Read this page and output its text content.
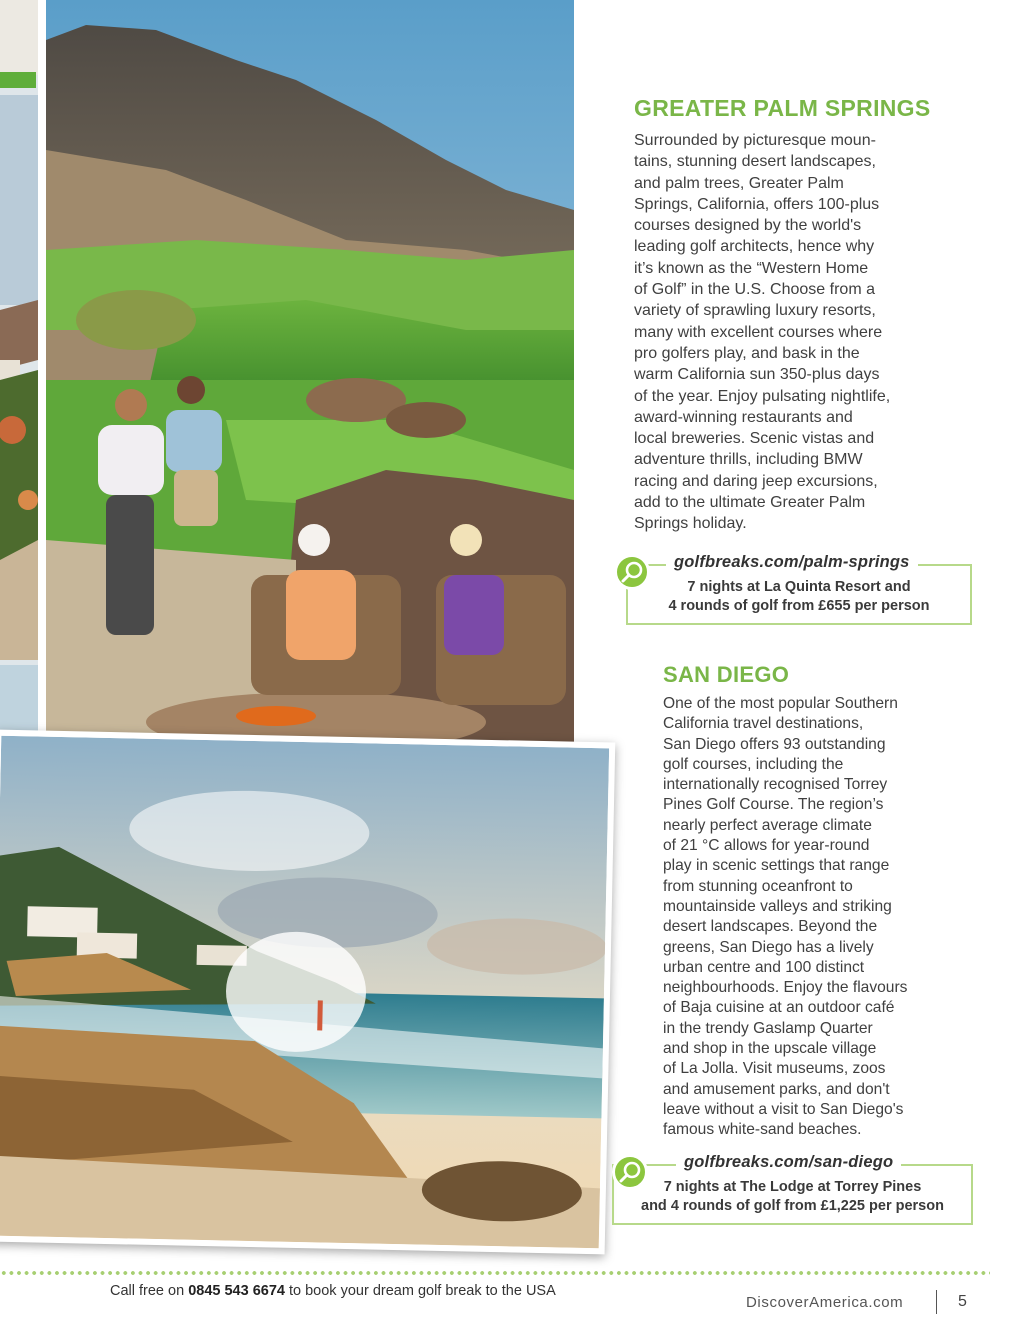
GREATER PALM SPRINGS

Surrounded by picturesque moun-
tains, stunning desert landscapes,
and palm trees, Greater Palm
Springs, California, offers 100-plus
courses designed by the world's
leading golf architects, hence why
it’s known as the “Western Home
of Golf” in the U.S. Choose from a
variety of sprawling luxury resorts,
many with excellent courses where
pro golfers play, and bask in the
warm California sun 350-plus days
of the year. Enjoy pulsating nightlife,
award-winning restaurants and
local breweries. Scenic vistas and
adventure thrills, including BMW
racing and daring jeep excursions,
add to the ultimate Greater Palm
Springs holiday.

golfbreaks.com/palm-springs
7 nights at La Quinta Resort and
4 rounds of golf from £655 per person
SAN DIEGO

One of the most popular Southern
California travel destinations,
San Diego offers 93 outstanding
golf courses, including the
internationally recognised Torrey
Pines Golf Course. The region’s
nearly perfect average climate
of 21 °C allows for year-round
play in scenic settings that range
from stunning oceanfront to
mountainside valleys and striking
desert landscapes. Beyond the
greens, San Diego has a lively
urban centre and 100 distinct
neighbourhoods. Enjoy the flavours
of Baja cuisine at an outdoor café
in the trendy Gaslamp Quarter
and shop in the upscale village
of La Jolla. Visit museums, zoos
and amusement parks, and don't
leave without a visit to San Diego's
famous white-sand beaches.

golfbreaks.com/san-diego
7 nights at The Lodge at Torrey Pines
and 4 rounds of golf from £1,225 per person
Call free on 0845 543 6674 to book your dream golf break to the USA
DiscoverAmerica.com	5
